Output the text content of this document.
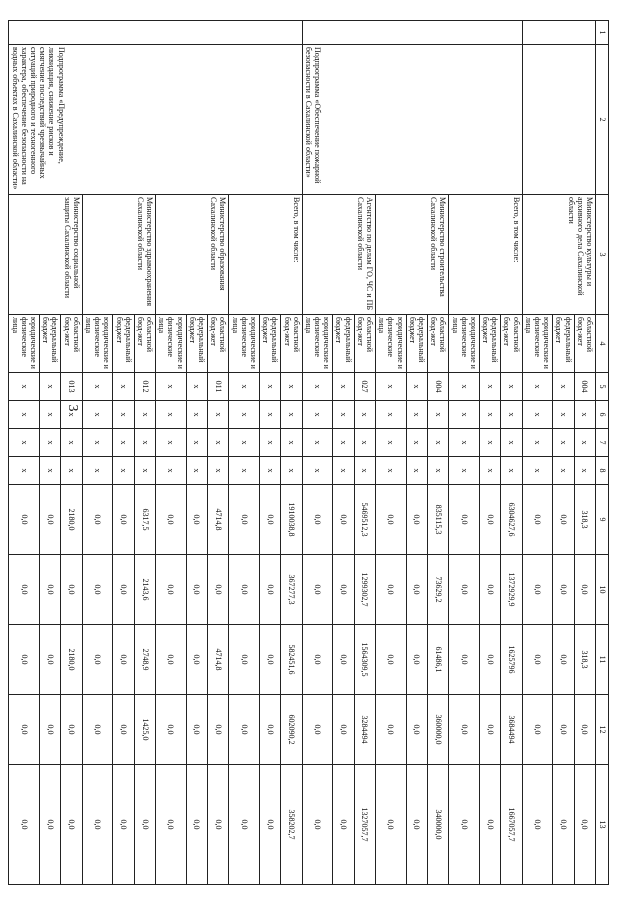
3
1	2	3	4	5	6	7	8	9	10	11	12	13
		Министерство культуры и архивного дела Сахалинской области	областной бюд-жет	004	x	x	x	318,3	0,0	318,3	0,0	0,0
			федеральный бюджет	x	x	x	x	0,0	0,0	0,0	0,0	0,0
			юридические и физические лица	x	x	x	x	0,0	0,0	0,0	0,0	0,0
	Подпрограмма «Обеспечение пожарной безопасности в Сахалинской области»	Всего, в том числе:	областной бюд-жет	x	x	x	x	6304627,6	1372929,9	1625796	3684494	1667057,7
			федеральный бюджет	x	x	x	x	0,0	0,0	0,0	0,0	0,0
			юридические и физические лица	x	x	x	x	0,0	0,0	0,0	0,0	0,0
		Министерство строительства Сахалинской области	областной бюд-жет	004	x	x	x	835115,3	73629,2	61486,1	360000,0	340000,0
			федеральный бюджет	x	x	x	x	0,0	0,0	0,0	0,0	0,0
			юридические и физические лица	x	x	x	x	0,0	0,0	0,0	0,0	0,0
		Агентство по делам ГО, ЧС и ПБ Сахалинской области	областной бюд-жет	027	x	x	x	5469512,3	1299302,7	1564309,5	3284494	1327057,7
			федеральный бюджет	x	x	x	x	0,0	0,0	0,0	0,0	0,0
			юридические и физические лица	x	x	x	x	0,0	0,0	0,0	0,0	0,0
	Подпрограмма «Предупреждение, ликвидация, снижение рисков и смягчение последствий чрезвычайных ситуаций природного и техногенного характера, обеспечение безопасности на водных объектах в Сахалинской области»	Всего, в том числе:	областной бюд-жет	x	x	x	x	1910038,8	367277,3	582451,6	602090,2	358202,7
			федеральный бюджет	x	x	x	x	0,0	0,0	0,0	0,0	0,0
			юридические и физические лица	x	x	x	x	0,0	0,0	0,0	0,0	0,0
		Министерство образования Сахалинской области	областной бюд-жет	011	x	x	x	4714,8	0,0	4714,8	0,0	0,0
			федеральный бюджет	x	x	x	x	0,0	0,0	0,0	0,0	0,0
			юридические и физические лица	x	x	x	x	0,0	0,0	0,0	0,0	0,0
		Министерство здравоохранения Сахалинской области	областной бюд-жет	012	x	x	x	6317,5	2143,6	2748,9	1425,0	0,0
			федеральный бюджет	x	x	x	x	0,0	0,0	0,0	0,0	0,0
			юридические и физические лица	x	x	x	x	0,0	0,0	0,0	0,0	0,0
		Министерство социальной защиты Сахалинской области	областной бюд-жет	013	x	x	x	2180,0	0,0	2180,0	0,0	0,0
			федеральный бюджет	x	x	x	x	0,0	0,0	0,0	0,0	0,0
			юридические и физические лица	x	x	x	x	0,0	0,0	0,0	0,0	0,0
